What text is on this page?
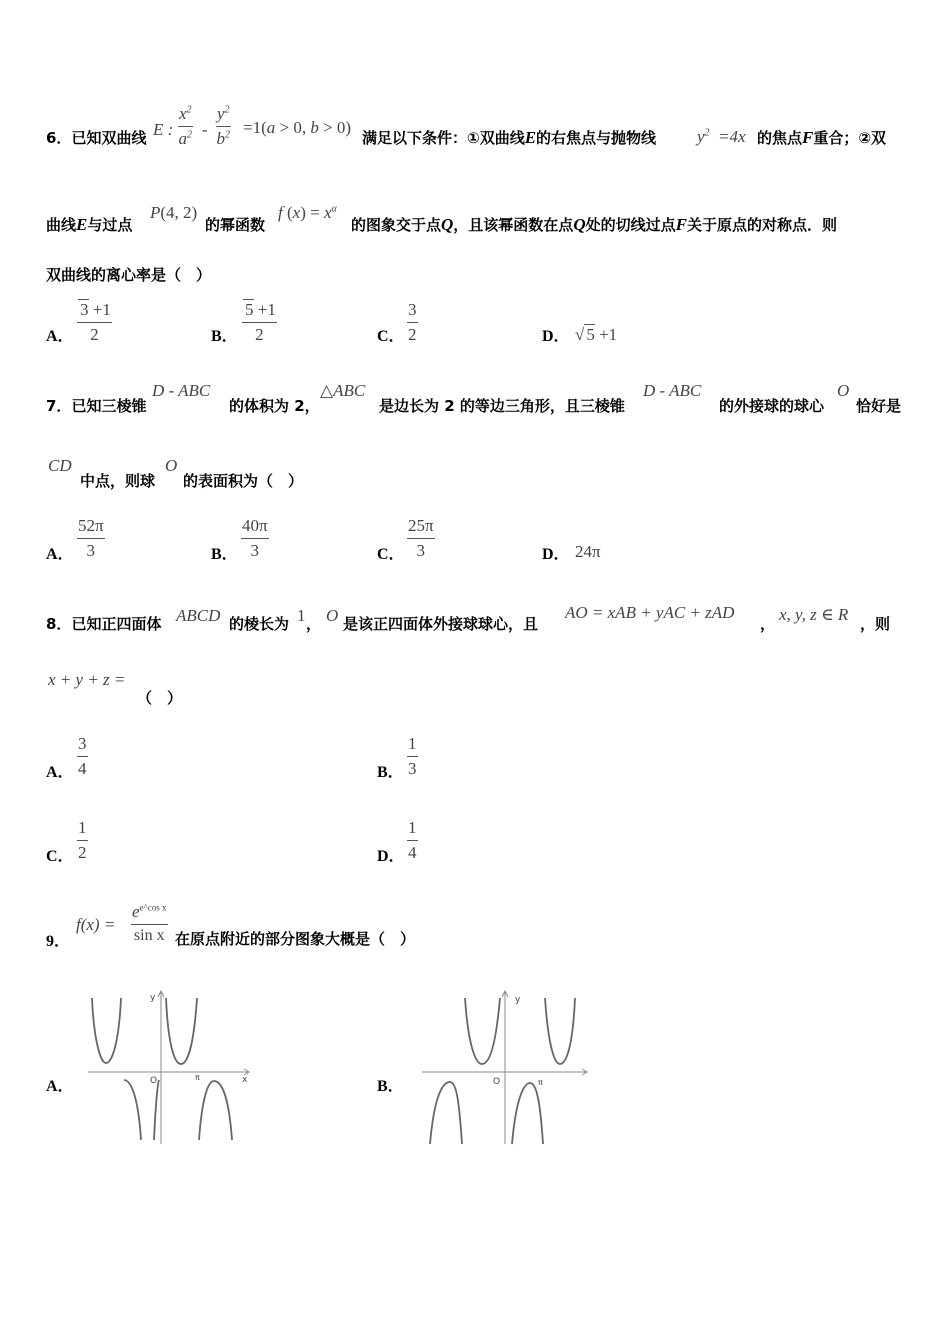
6．已知双曲线 E : $\frac{x^2}{a^2} - \frac{y^2}{b^2} =1(a > 0$, b > 0)
满足以下条件：①双曲线E的右焦点与抛物线 $y^2 =4x$ 的焦点F重合；②双
曲线E与过点
P(4, 2)
的幂函数
f $(x) = x^\alpha$
的图象交于点Q，且该幂函数在点Q处的切线过点F关于原点的对称点．则
双曲线的离心率是（　）
A． $\frac{3 +1}{2}$	B． $\frac{5 +1}{2}$	C． $\frac{3}{2}$	D． √ 5 +1
7．已知三棱锥
D - ABC
的体积为 2，
△ABC
是边长为 2 的等边三角形，且三棱锥
D - ABC
的外接球的球心
O
恰好是
CD
中点，则球
O
的表面积为（　）
A． $\frac{52\pi}{3}$	B． $\frac{40\pi}{3}$	C． $\frac{25\pi}{3}$	D． 24π
8．已知正四面体 ABCD 的棱长为 1 ， O 是该正四面体外接球球心，且
AO = xAB + yAC + zAD
， x, y, z ∈ R ，则
x + y + z =
（　）
A． $\frac{3}{4}$	B． $\frac{1}{3}$
C． $\frac{1}{2}$	D． $\frac{1}{4}$
9．
$f(x) = \frac{e^{e\^{}cos x}}{\text{sin x}}$ 在原点附近的部分图象大概是（　）
A．	B．
y
x
O	π
y
O	π
